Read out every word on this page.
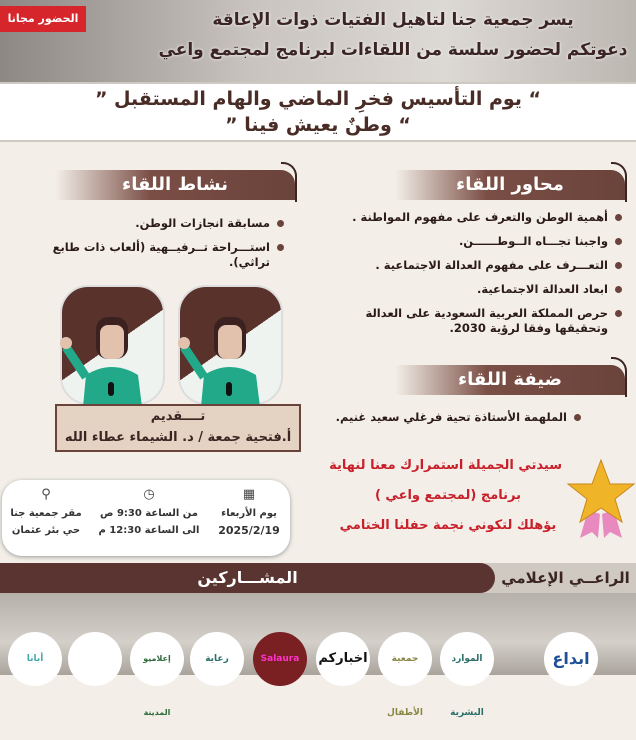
يسر جمعية جنا لتاهيل الفتيات ذوات الإعاقة
دعوتكم لحضور سلسة من اللقاءات لبرنامج لمجتمع واعي
الحضور مجانا
“ يوم التأسيس فخرِ الماضي والهام المستقبل ”
“ وطنٌ يعيش فينا ”
محاور اللقاء
أهمية الوطن والتعرف على مفهوم المواطنة .
واجبنا تجـــاه الــوطــــــن.
التعـــرف على مفهوم العدالة الاجتماعية .
ابعاد العدالة الاجتماعية.
حرص المملكة العربية السعودية على العدالة وتحقيقها وفقا لرؤية 2030.
ضيفة اللقاء
الملهمة الأستاذة تحية فرغلي سعيد غنيم.
نشاط اللقاء
مسابقة انجازات الوطن.
استـــراحة تــرفيــهية (ألعاب ذات طابع تراثي).
تــــقديم
أ.فتحية جمعة / د. الشيماء عطاء الله
سيدتي الجميلة استمرارك معنا لنهاية
برنامج (لمجتمع واعي )
يؤهلك لتكوني نجمة حفلنا الختامي
▦
يوم الأربعاء
2025/2/19
◷
من الساعة 9:30 ص
الى الساعة 12:30 م
⚲
مقر جمعية جنا
حي بئر عثمان
المشـــاركين	الراعــي الإعلامي
ابداع
الموارد البشرية
جمعية الأطفال
اخباركم
Salaura
رعاية
إعلاميو المدينة
أبانا
